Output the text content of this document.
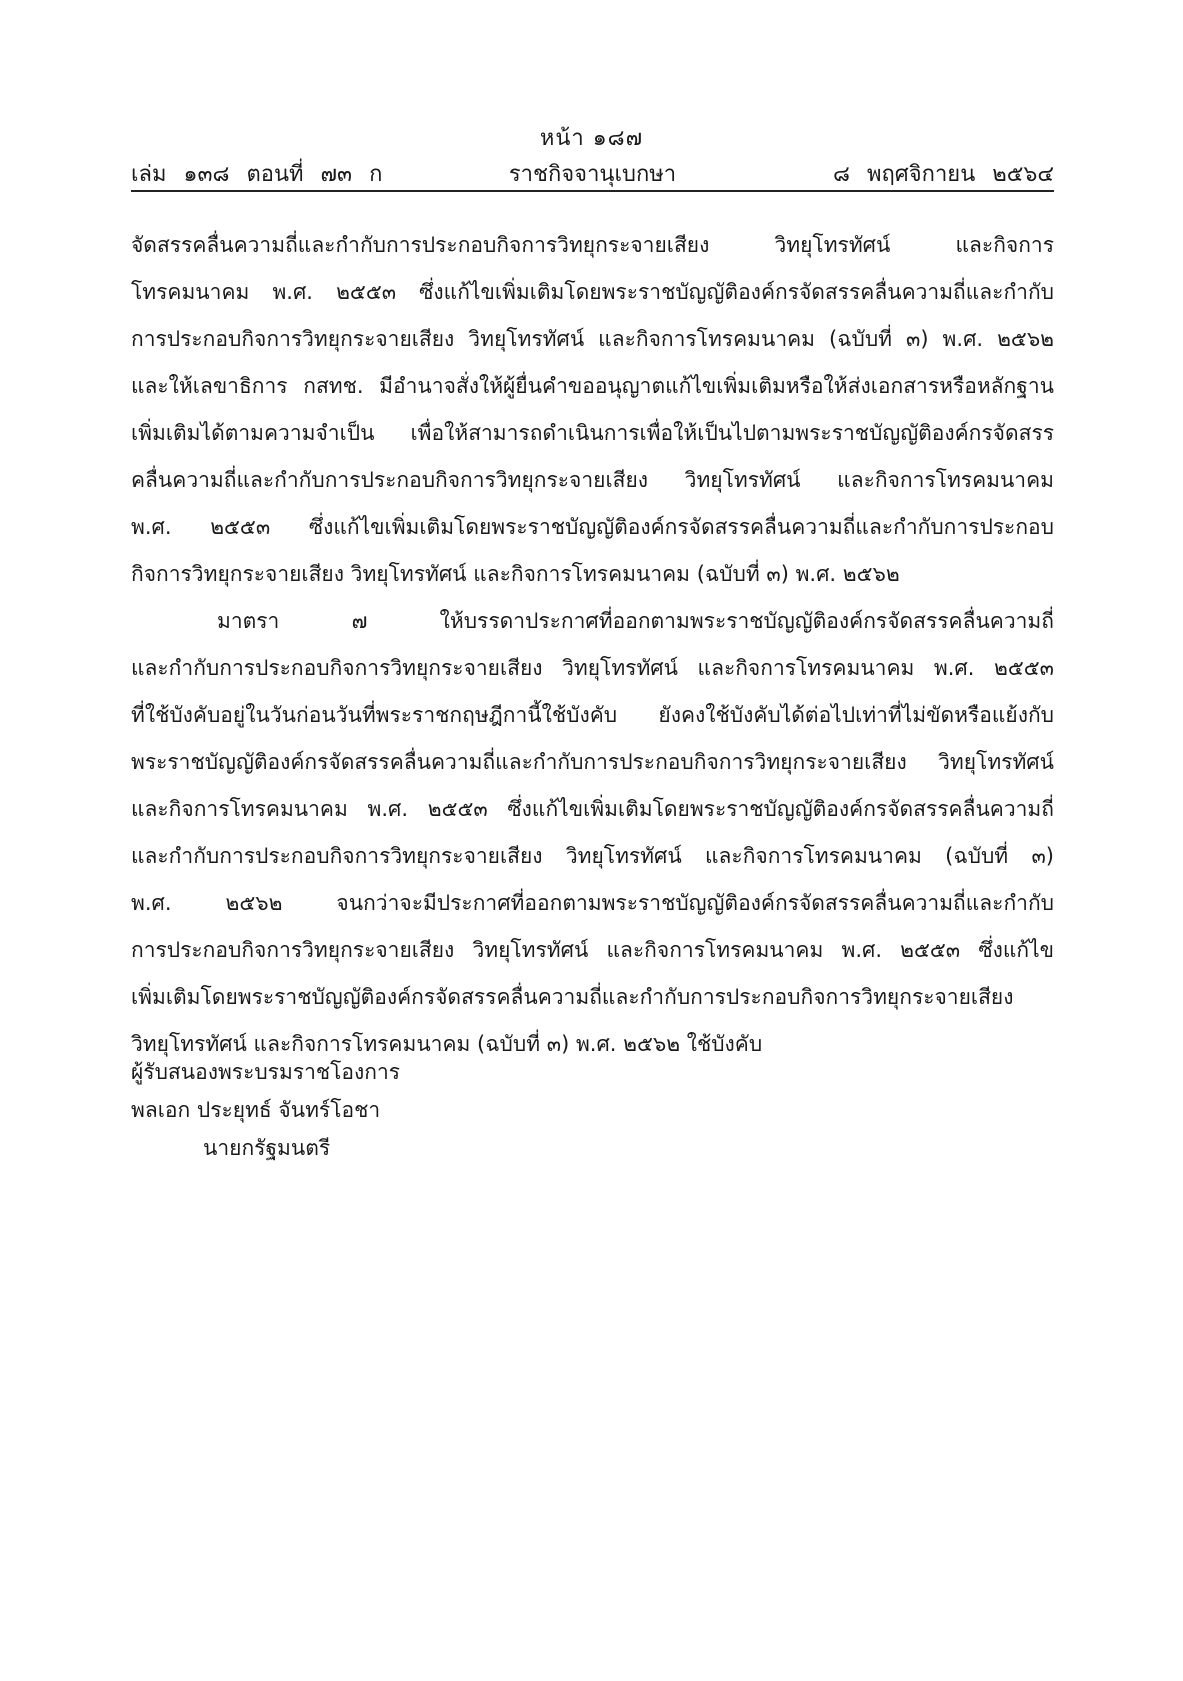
หน้า ๑๘๗
ราชกิจจานุเบกษา
เล่ม ๑๓๘ ตอนที่ ๗๓ ก	๘ พฤศจิกายน ๒๕๖๔
จัดสรรคลื่นความถี่และกำกับการประกอบกิจการวิทยุกระจายเสียง วิทยุโทรทัศน์ และกิจการ
โทรคมนาคม พ.ศ. ๒๕๕๓ ซึ่งแก้ไขเพิ่มเติมโดยพระราชบัญญัติองค์กรจัดสรรคลื่นความถี่และกำกับ
การประกอบกิจการวิทยุกระจายเสียง วิทยุโทรทัศน์ และกิจการโทรคมนาคม (ฉบับที่ ๓) พ.ศ. ๒๕๖๒
และให้เลขาธิการ กสทช. มีอำนาจสั่งให้ผู้ยื่นคำขออนุญาตแก้ไขเพิ่มเติมหรือให้ส่งเอกสารหรือหลักฐาน
เพิ่มเติมได้ตามความจำเป็น เพื่อให้สามารถดำเนินการเพื่อให้เป็นไปตามพระราชบัญญัติองค์กรจัดสรร
คลื่นความถี่และกำกับการประกอบกิจการวิทยุกระจายเสียง วิทยุโทรทัศน์ และกิจการโทรคมนาคม
พ.ศ. ๒๕๕๓ ซึ่งแก้ไขเพิ่มเติมโดยพระราชบัญญัติองค์กรจัดสรรคลื่นความถี่และกำกับการประกอบ
กิจการวิทยุกระจายเสียง วิทยุโทรทัศน์ และกิจการโทรคมนาคม (ฉบับที่ ๓) พ.ศ. ๒๕๖๒
มาตรา ๗ ให้บรรดาประกาศที่ออกตามพระราชบัญญัติองค์กรจัดสรรคลื่นความถี่
และกำกับการประกอบกิจการวิทยุกระจายเสียง วิทยุโทรทัศน์ และกิจการโทรคมนาคม พ.ศ. ๒๕๕๓
ที่ใช้บังคับอยู่ในวันก่อนวันที่พระราชกฤษฎีกานี้ใช้บังคับ ยังคงใช้บังคับได้ต่อไปเท่าที่ไม่ขัดหรือแย้งกับ
พระราชบัญญัติองค์กรจัดสรรคลื่นความถี่และกำกับการประกอบกิจการวิทยุกระจายเสียง วิทยุโทรทัศน์
และกิจการโทรคมนาคม พ.ศ. ๒๕๕๓ ซึ่งแก้ไขเพิ่มเติมโดยพระราชบัญญัติองค์กรจัดสรรคลื่นความถี่
และกำกับการประกอบกิจการวิทยุกระจายเสียง วิทยุโทรทัศน์ และกิจการโทรคมนาคม (ฉบับที่ ๓)
พ.ศ. ๒๕๖๒ จนกว่าจะมีประกาศที่ออกตามพระราชบัญญัติองค์กรจัดสรรคลื่นความถี่และกำกับ
การประกอบกิจการวิทยุกระจายเสียง วิทยุโทรทัศน์ และกิจการโทรคมนาคม พ.ศ. ๒๕๕๓ ซึ่งแก้ไข
เพิ่มเติมโดยพระราชบัญญัติองค์กรจัดสรรคลื่นความถี่และกำกับการประกอบกิจการวิทยุกระจายเสียง
วิทยุโทรทัศน์ และกิจการโทรคมนาคม (ฉบับที่ ๓) พ.ศ. ๒๕๖๒ ใช้บังคับ
ผู้รับสนองพระบรมราชโองการ
พลเอก ประยุทธ์ จันทร์โอชา
นายกรัฐมนตรี
